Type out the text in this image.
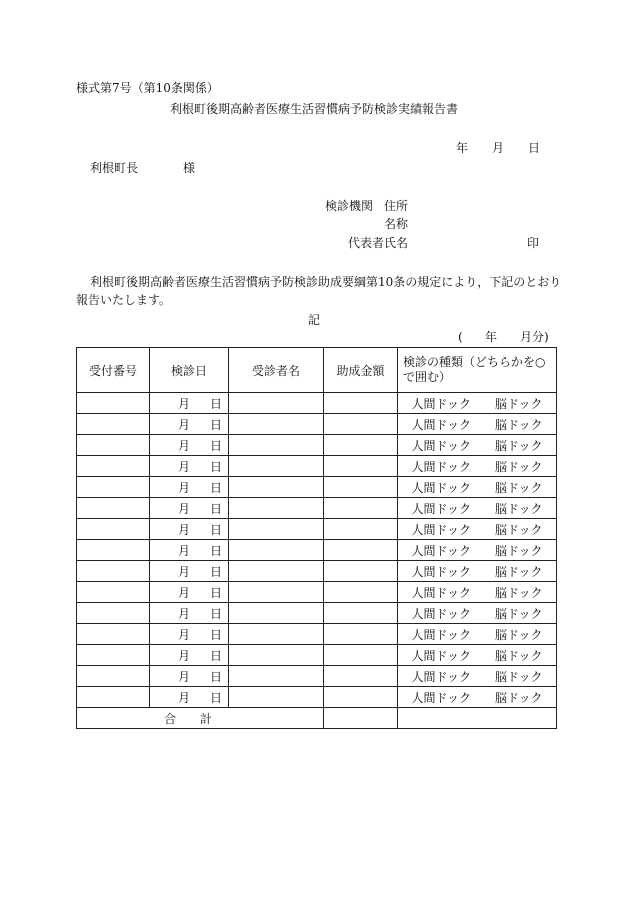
様式第7号（第10条関係）
利根町後期高齢者医療生活習慣病予防検診実績報告書
年 月 日
利根町長	様
検診機関 住所
名称
代表者氏名	印
利根町後期高齢者医療生活習慣病予防検診助成要綱第10条の規定により，下記のとおり
報告いたします。
記
( 年 月分)
受付番号	検診日	受診者名	助成金額	検診の種類（どちらかを○で囲む）

	月 日			人間ドック 脳ドック

	月 日			人間ドック 脳ドック

	月 日			人間ドック 脳ドック

	月 日			人間ドック 脳ドック

	月 日			人間ドック 脳ドック

	月 日			人間ドック 脳ドック

	月 日			人間ドック 脳ドック

	月 日			人間ドック 脳ドック

	月 日			人間ドック 脳ドック

	月 日			人間ドック 脳ドック

	月 日			人間ドック 脳ドック

	月 日			人間ドック 脳ドック

	月 日			人間ドック 脳ドック

	月 日			人間ドック 脳ドック

	月 日			人間ドック 脳ドック

合計				
